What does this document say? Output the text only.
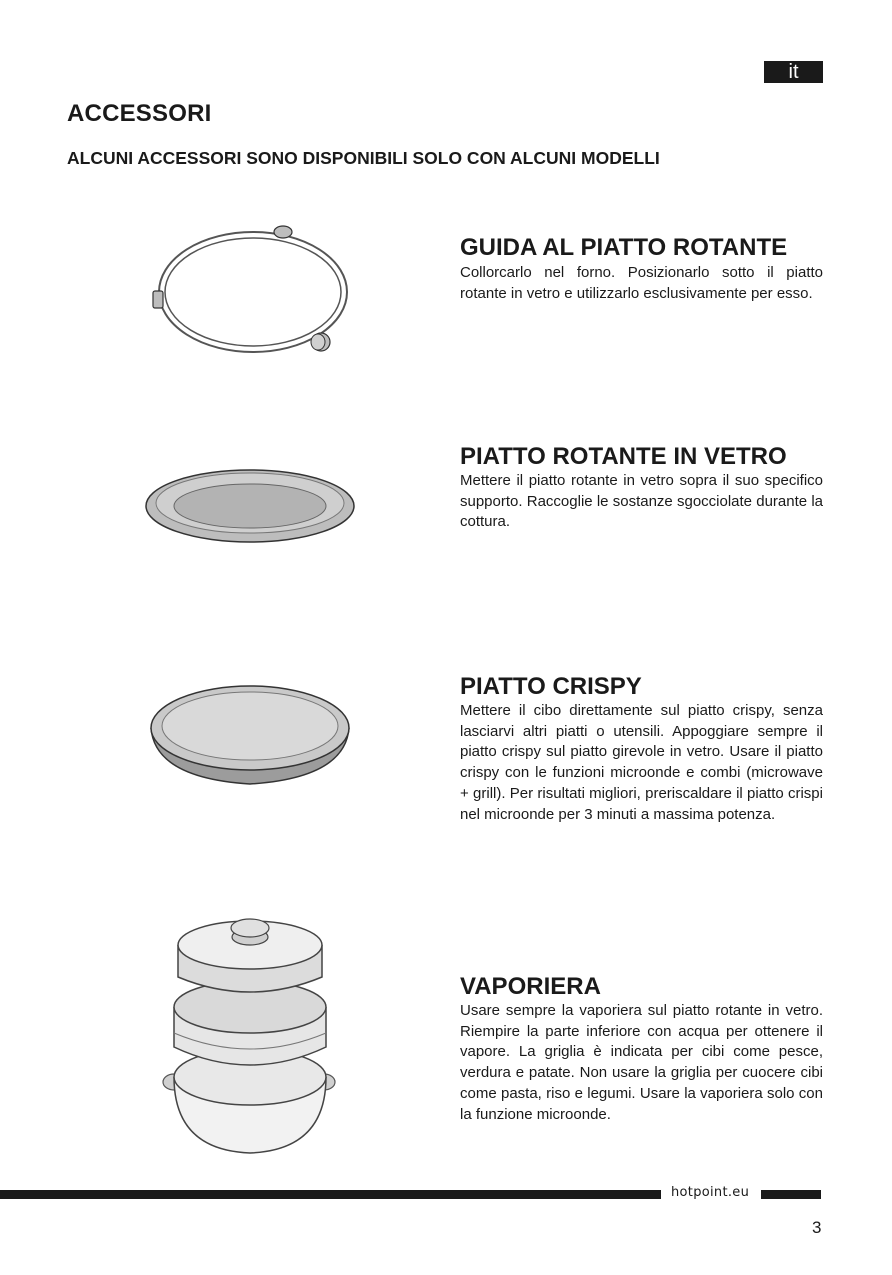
it
ACCESSORI
ALCUNI ACCESSORI SONO DISPONIBILI SOLO CON ALCUNI MODELLI
GUIDA AL PIATTO ROTANTE

Collorcarlo nel forno. Posizionarlo sotto il piatto rotante in vetro e utilizzarlo esclusivamente per esso.

PIATTO ROTANTE IN VETRO

Mettere il piatto rotante in vetro sopra il suo specifico supporto. Raccoglie le sostanze sgocciolate durante la cottura.

PIATTO CRISPY

Mettere il cibo direttamente sul piatto crispy, senza lasciarvi altri piatti o utensili. Appoggiare sempre il piatto crispy sul piatto girevole in vetro. Usare il piatto crispy con le funzioni microonde e combi (microwave + grill). Per risultati migliori, preriscaldare il piatto crispi nel microonde per 3 minuti a massima potenza.

VAPORIERA

Usare sempre la vaporiera sul piatto rotante in vetro. Riempire la parte inferiore con acqua per ottenere il vapore. La griglia è indicata per cibi come pesce, verdura e patate. Non usare la griglia per cuocere cibi come pasta, riso e legumi. Usare la vaporiera solo con la funzione microonde.

hotpoint.eu
3
